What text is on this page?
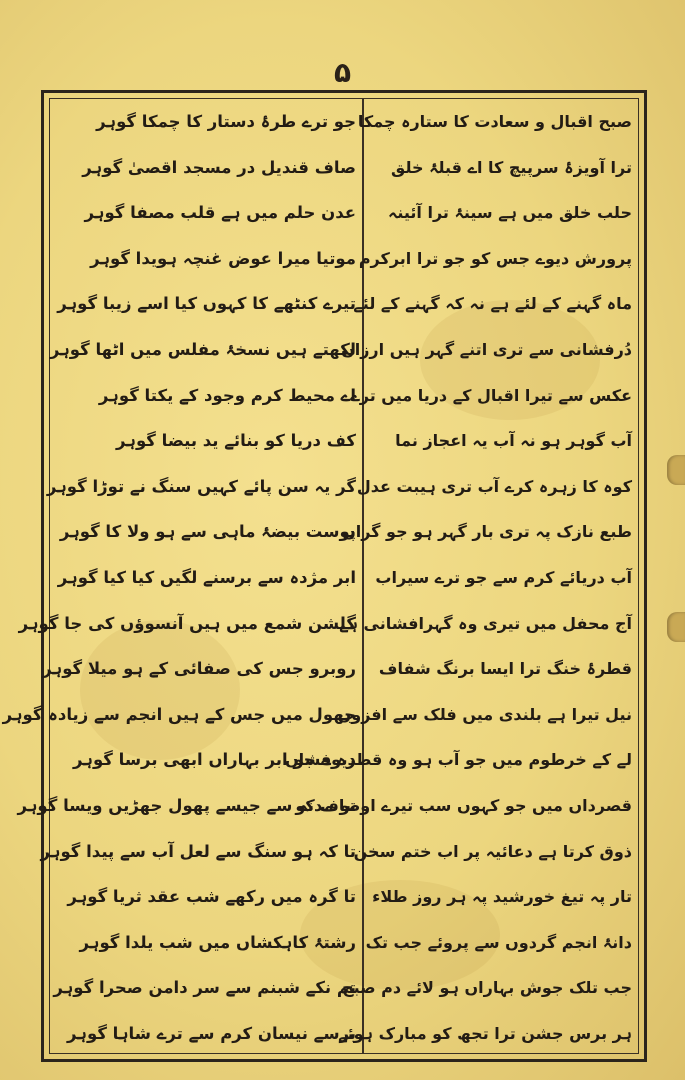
۵
صبح اقبال و سعادت کا ستارہ چمکا
ترا آویزۂ سرپیچ کا اے قبلۂ خلق
حلب خلق میں ہے سینۂ ترا آئینہ
پرورش دیوے جس کو جو ترا ابرکرم
ماہ گہنے کے لئے ہے نہ کہ گہنے کے لئے
دُرفشانی سے تری اتنے گہر ہیں ارزاں
عکس سے تیرا اقبال کے دریا میں ترے
آب گوہر ہو نہ آب یہ اعجاز نما
کوہ کا زہرہ کرے آب تری ہیبت عدل
طبع نازک پہ تری بار گہر ہو جو گراں
آب دریائے کرم سے جو ترے سیراب
آج محفل میں تیری وہ گہرافشانی ہے
قطرۂ خنگ ترا ایسا برنگ شفاف
نیل تیرا ہے بلندی میں فلک سے افزوں
لے کے خرطوم میں جو آب ہو وہ قطرہ فشاں
قصرداں میں جو کہوں سب تیرے اوصاف کو
ذوق کرتا ہے دعائیہ پر اب ختم سخن
تار پہ تیغ خورشید پہ ہر روز طلاء
دانۂ انجم گردوں سے پروئے جب تک
جب تلک جوش بہاراں ہو لائے دم صبح
ہر برس جشن ترا تجھ کو مبارک ہوئے
جو ترے طرۂ دستار کا چمکا گوہر
صاف قندیل در مسجد اقصیٰ گوہر
عدن حلم میں ہے قلب مصفا گوہر
موتیا میرا عوض غنچہ ہویدا گوہر
تیرے کنٹھے کا کہوں کیا اسے زیبا گوہر
لکھتے ہیں نسخۂ مفلس میں اٹھا گوہر
اے محیط کرم وجود کے یکتا گوہر
کف دریا کو بنائے ید بیضا گوہر
گر یہ سن پائے کہیں سنگ نے توڑا گوہر
پوست بیضۂ ماہی سے ہو ولا کا گوہر
ابر مژدہ سے برسنے لگیں کیا کیا گوہر
گلشن شمع میں ہیں آنسوؤں کی جا گوہر
روبرو جس کی صفائی کے ہو میلا گوہر
جھول میں جس کے ہیں انجم سے زیادہ گوہر
دیوے جو ابر بہاراں ابھی برسا گوہر
تو مدنہ سے جیسے پھول جھڑیں ویسا گوہر
تا کہ ہو سنگ سے لعل آب سے پیدا گوہر
تا گرہ میں رکھے شب عقد ثریا گوہر
رشتۂ کاہکشاں میں شب یلدا گوہر
تم نکے شبنم سے سر دامن صحرا گوہر
برسے نیسان کرم سے ترے شاہا گوہر
